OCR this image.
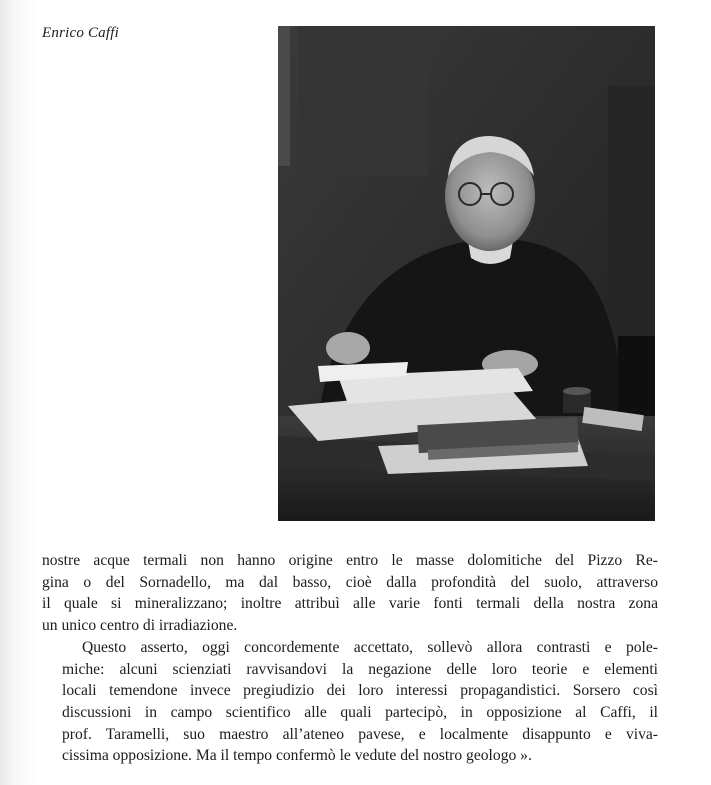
Enrico Caffi

nostre acque termali non hanno origine entro le masse dolomitiche del Pizzo Re-
gina o del Sornadello, ma dal basso, cioè dalla profondità del suolo, attraverso
il quale si mineralizzano; inoltre attribuì alle varie fonti termali della nostra zona
un unico centro di irradiazione.

Questo asserto, oggi concordemente accettato, sollevò allora contrasti e pole-
miche: alcuni scienziati ravvisandovi la negazione delle loro teorie e elementi
locali temendone invece pregiudizio dei loro interessi propagandistici. Sorsero così
discussioni in campo scientifico alle quali partecipò, in opposizione al Caffi, il
prof. Taramelli, suo maestro all’ateneo pavese, e localmente disappunto e viva-
cissima opposizione. Ma il tempo confermò le vedute del nostro geologo ».
